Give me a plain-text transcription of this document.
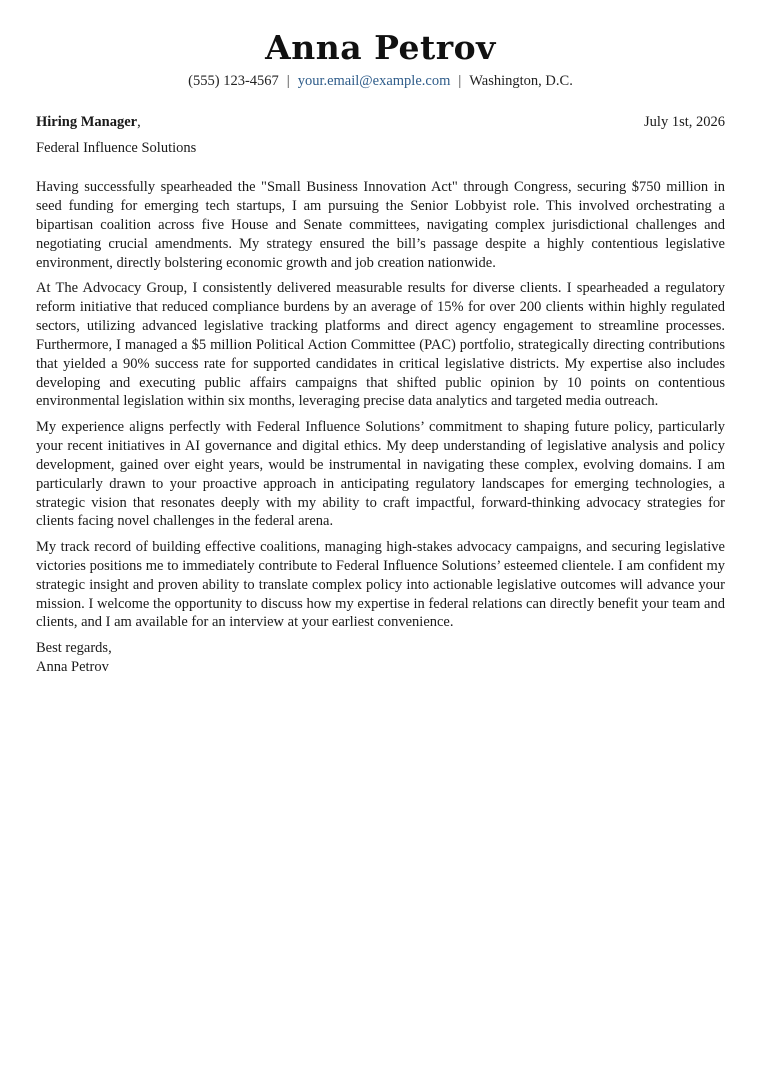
Anna Petrov
(555) 123-4567 | your.email@example.com | Washington, D.C.
Hiring Manager,	July 1st, 2026
Federal Influence Solutions

Having successfully spearheaded the "Small Business Innovation Act" through Congress, securing $750 million in seed funding for emerging tech startups, I am pursuing the Senior Lobbyist role. This involved orchestrating a bipartisan coalition across five House and Senate committees, navigating complex jurisdictional challenges and negotiating crucial amendments. My strategy ensured the bill’s passage despite a highly contentious legislative environment, directly bolstering economic growth and job creation nationwide.

At The Advocacy Group, I consistently delivered measurable results for diverse clients. I spearheaded a regulatory reform initiative that reduced compliance burdens by an average of 15% for over 200 clients within highly regulated sectors, utilizing advanced legislative tracking platforms and direct agency engagement to streamline processes. Furthermore, I managed a $5 million Political Action Committee (PAC) portfolio, strategically directing contributions that yielded a 90% success rate for supported candidates in critical legislative districts. My expertise also includes developing and executing public affairs campaigns that shifted public opinion by 10 points on contentious environmental legislation within six months, leveraging precise data analytics and targeted media outreach.

My experience aligns perfectly with Federal Influence Solutions’ commitment to shaping future policy, particularly your recent initiatives in AI governance and digital ethics. My deep understanding of legislative analysis and policy development, gained over eight years, would be instrumental in navigating these complex, evolving domains. I am particularly drawn to your proactive approach in anticipating regulatory landscapes for emerging technologies, a strategic vision that resonates deeply with my ability to craft impactful, forward-thinking advocacy strategies for clients facing novel challenges in the federal arena.

My track record of building effective coalitions, managing high-stakes advocacy campaigns, and securing legislative victories positions me to immediately contribute to Federal Influence Solutions’ esteemed clientele. I am confident my strategic insight and proven ability to translate complex policy into actionable legislative outcomes will advance your mission. I welcome the opportunity to discuss how my expertise in federal relations can directly benefit your team and clients, and I am available for an interview at your earliest convenience.

Best regards,
Anna Petrov
